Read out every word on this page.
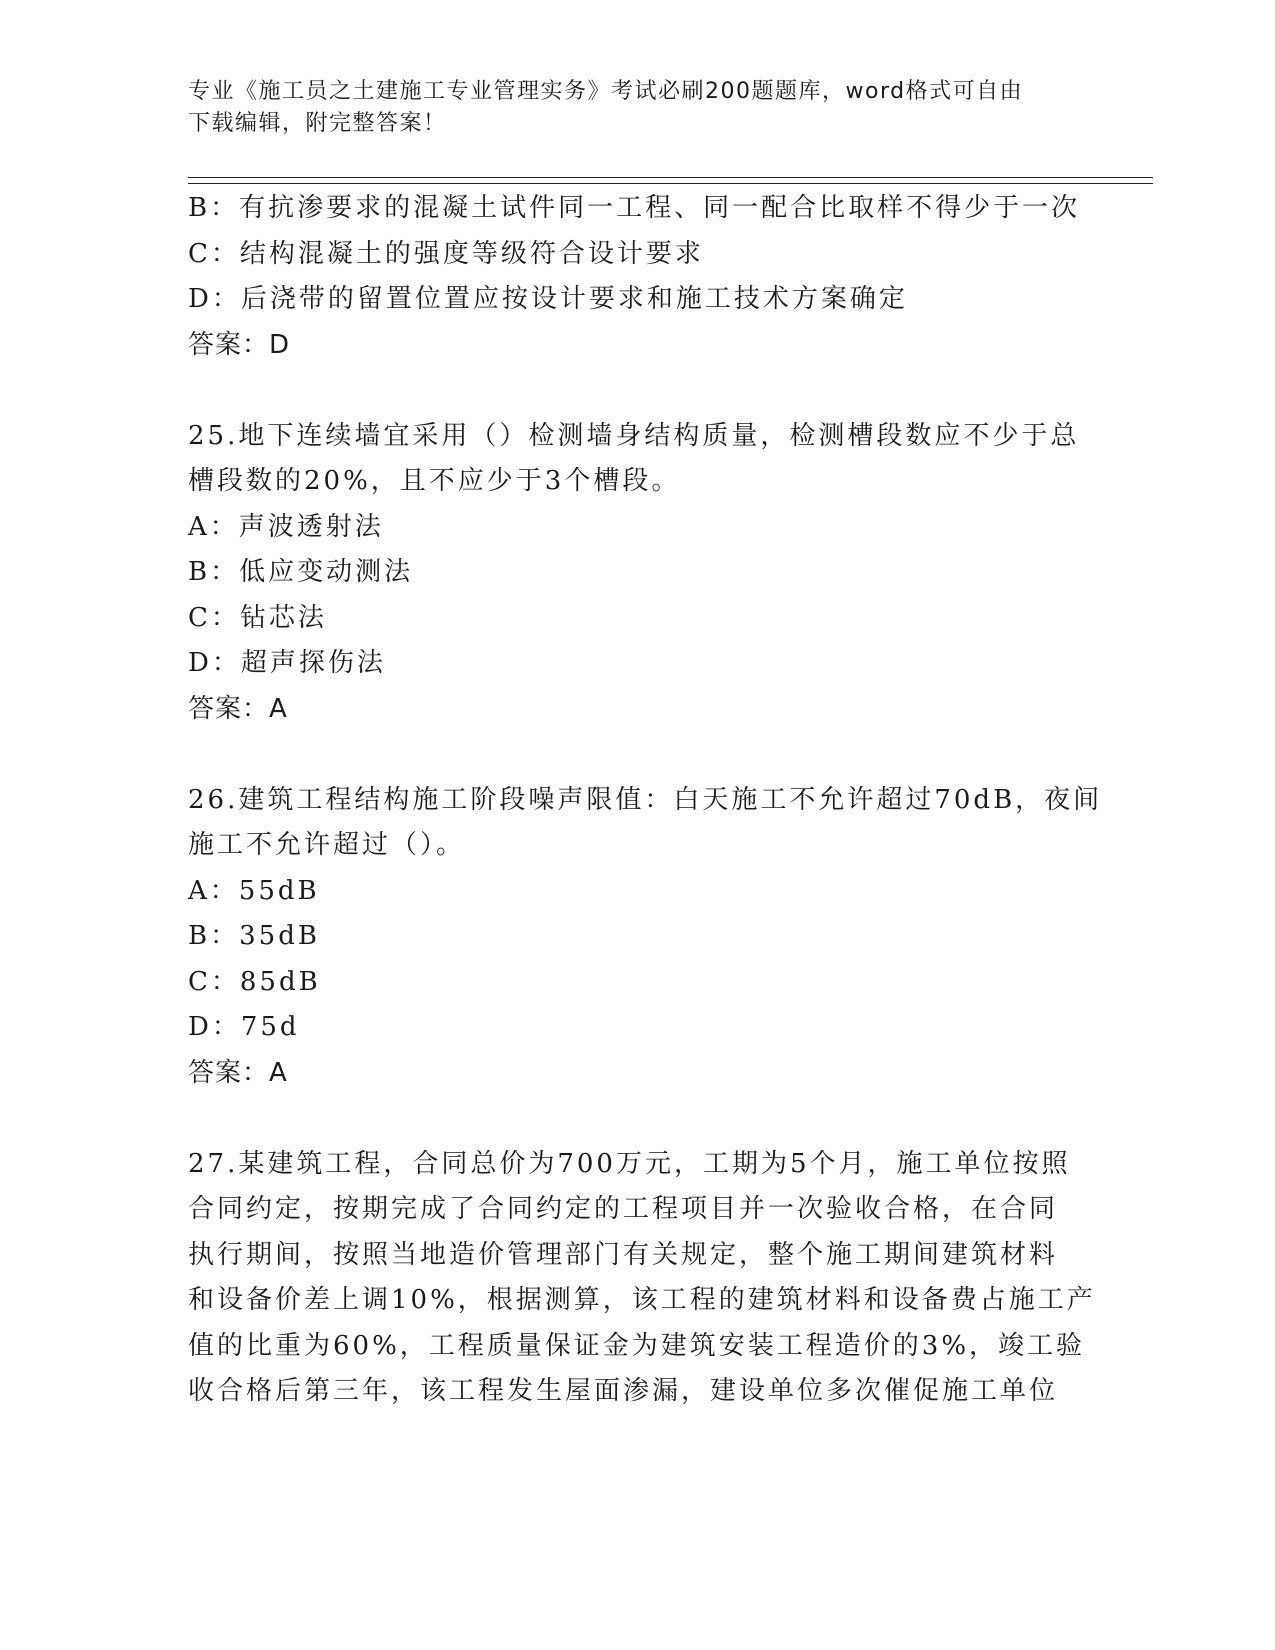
专业《施工员之土建施工专业管理实务》考试必刷200题题库，word格式可自由
下载编辑，附完整答案！
B：有抗渗要求的混凝土试件同一工程、同一配合比取样不得少于一次
C：结构混凝土的强度等级符合设计要求
D：后浇带的留置位置应按设计要求和施工技术方案确定
答案：D
25.地下连续墙宜采用（）检测墙身结构质量，检测槽段数应不少于总
槽段数的20%，且不应少于3个槽段。
A：声波透射法
B：低应变动测法
C：钻芯法
D：超声探伤法
答案：A
26.建筑工程结构施工阶段噪声限值：白天施工不允许超过70dB，夜间
施工不允许超过（）。
A：55dB
B：35dB
C：85dB
D：75d
答案：A
27.某建筑工程，合同总价为700万元，工期为5个月，施工单位按照
合同约定，按期完成了合同约定的工程项目并一次验收合格，在合同
执行期间，按照当地造价管理部门有关规定，整个施工期间建筑材料
和设备价差上调10%，根据测算，该工程的建筑材料和设备费占施工产
值的比重为60%，工程质量保证金为建筑安装工程造价的3%，竣工验
收合格后第三年，该工程发生屋面渗漏，建设单位多次催促施工单位
